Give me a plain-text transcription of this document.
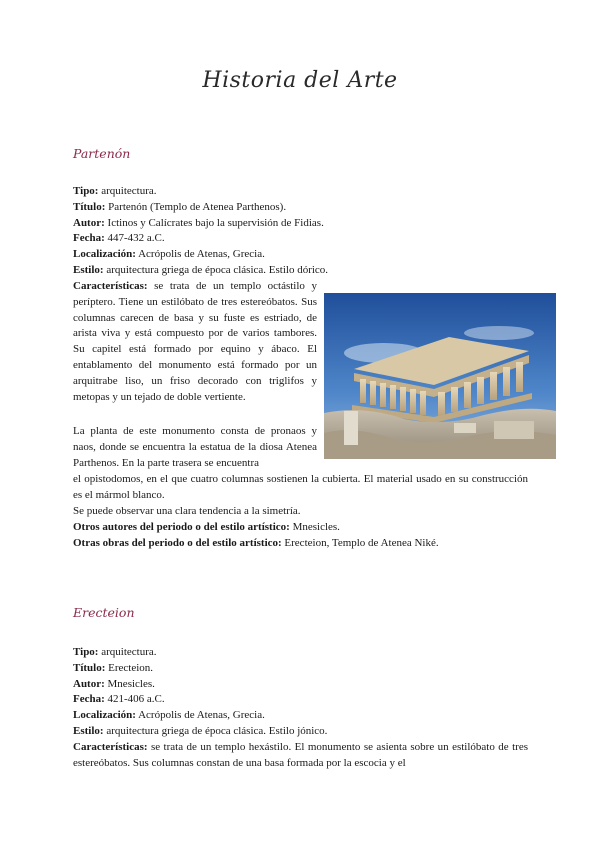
Historia del Arte
Partenón
Tipo: arquitectura.
Título: Partenón (Templo de Atenea Parthenos).
Autor: Ictinos y Calícrates bajo la supervisión de Fidias.
Fecha: 447-432 a.C.
Localización: Acrópolis de Atenas, Grecia.
Estilo: arquitectura griega de época clásica. Estilo dórico.
Características: se trata de un templo octástilo y períptero. Tiene un estilóbato de tres estereóbatos. Sus columnas carecen de basa y su fuste es estriado, de arista viva y está compuesto por de varios tambores. Su capitel está formado por equino y ábaco. El entablamento del monumento está formado por un arquitrabe liso, un friso decorado con triglifos y metopas y un tejado de doble vertiente.
La planta de este monumento consta de pronaos y naos, donde se encuentra la estatua de la diosa Atenea Parthenos. En la parte trasera se encuentra
el opistodomos, en el que cuatro columnas sostienen la cubierta. El material usado en su construcción es el mármol blanco.
Se puede observar una clara tendencia a la simetría.
Otros autores del periodo o del estilo artístico: Mnesicles.
Otras obras del periodo o del estilo artístico: Erecteion, Templo de Atenea Niké.
Erecteion
Tipo: arquitectura.
Título: Erecteion.
Autor: Mnesicles.
Fecha: 421-406 a.C.
Localización: Acrópolis de Atenas, Grecia.
Estilo: arquitectura griega de época clásica. Estilo jónico.
Características: se trata de un templo hexástilo. El monumento se asienta sobre un estilóbato de tres estereóbatos. Sus columnas constan de una basa formada por la escocia y el
